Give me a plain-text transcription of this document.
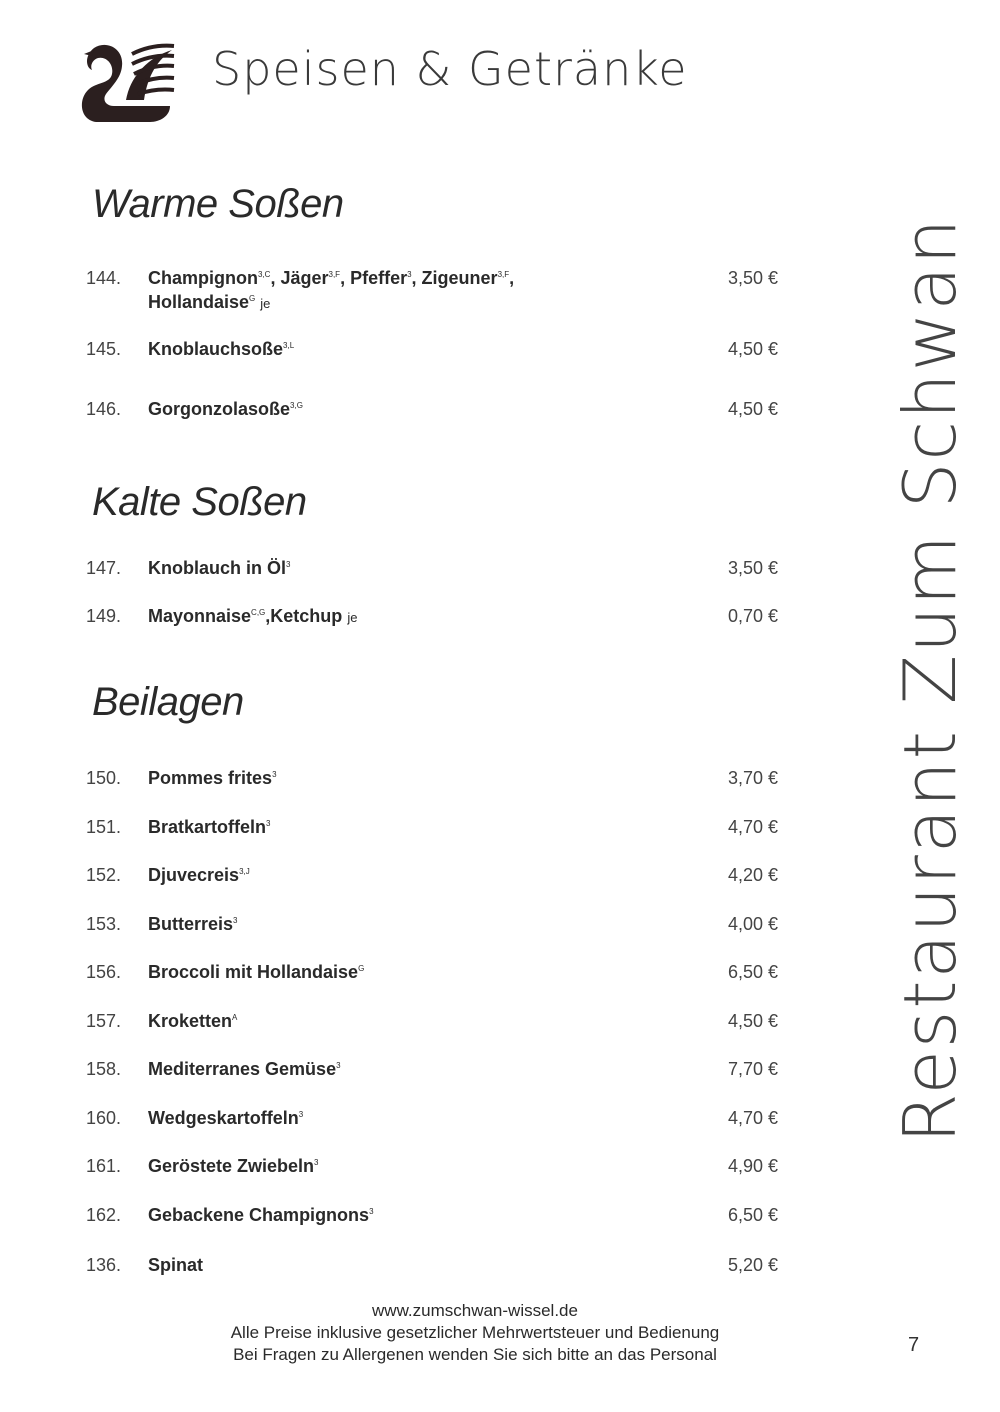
Speisen & Getränke
Restaurant Zum Schwan
Warme Soßen
144.	Champignon$^{3,C}$, Jäger$^{3,F}$, Pfeffer$^3$, Zigeuner$^{3,F}$,
Hollandaise$^G$ je
3,50 €
145.	Knoblauchsoße$^{3,L}$	4,50 €
146.	Gorgonzolasoße$^{3,G}$	4,50 €
Kalte Soßen
147.	Knoblauch in $Öl^3$	3,50 €
149.	Mayonnaise$^{C,G}$,Ketchup je	0,70 €
Beilagen
150.	Pommes frites$^3$	3,70 €
151.	Bratkartoffeln$^3$	4,70 €
152.	Djuvecreis$^{3,J}$	4,20 €
153.	Butterreis$^3$	4,00 €
156.	Broccoli mit Hollandaise$^G$	6,50 €
157.	Kroketten$^A$	4,50 €
158.	Mediterranes Gemüse$^3$	7,70 €
160.	Wedgeskartoffeln$^3$	4,70 €
161.	Geröstete Zwiebeln$^3$	4,90 €
162.	Gebackene Champignons$^3$	6,50 €
136.	Spinat	5,20 €
www.zumschwan-wissel.de
Alle Preise inklusive gesetzlicher Mehrwertsteuer und Bedienung
Bei Fragen zu Allergenen wenden Sie sich bitte an das Personal	7
